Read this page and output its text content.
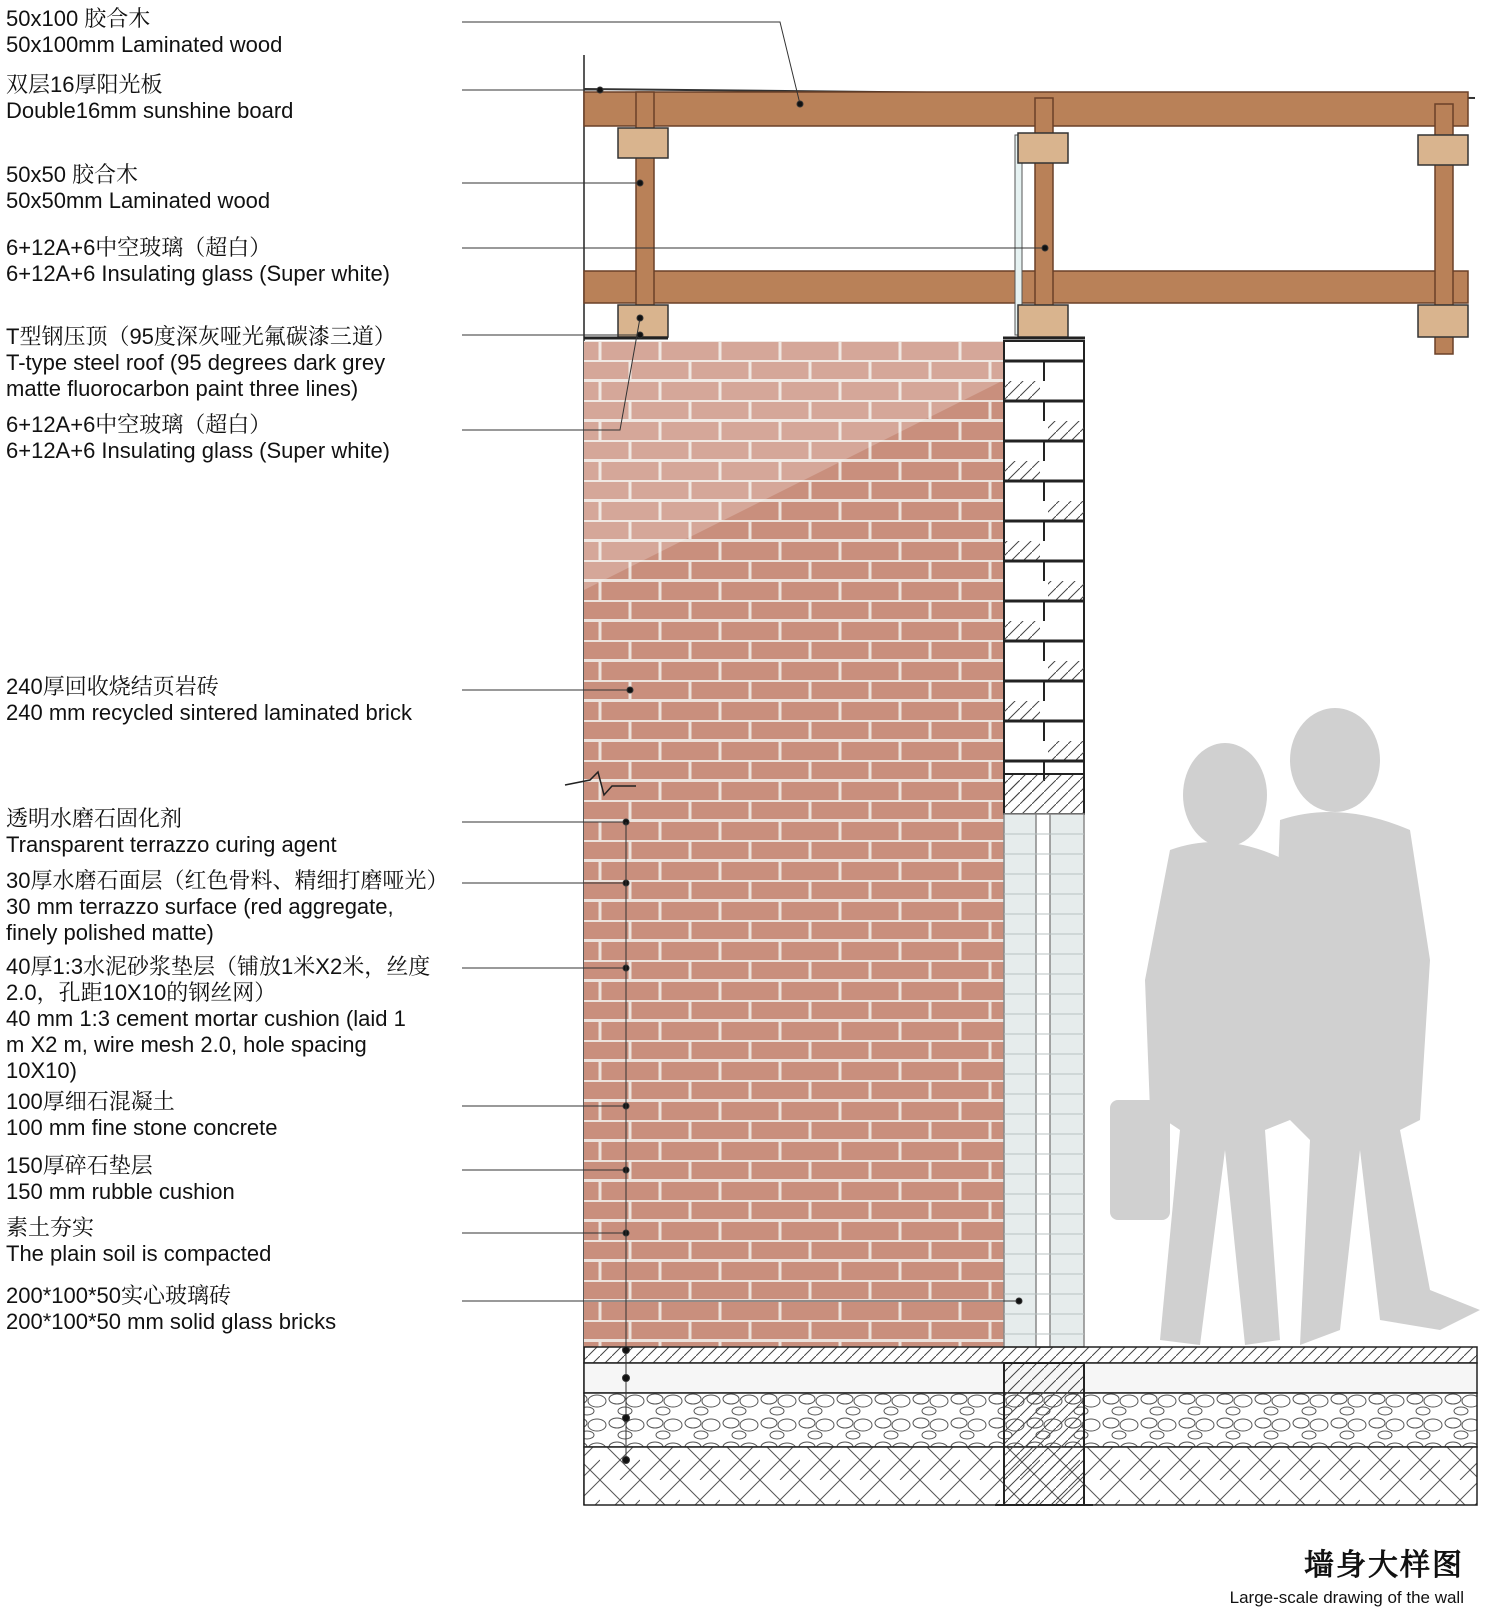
50x100 胶合木
50x100mm Laminated wood
双层16厚阳光板
Double16mm sunshine board
50x50 胶合木
50x50mm Laminated wood
6+12A+6中空玻璃（超白）
6+12A+6 Insulating glass (Super white)
T型钢压顶（95度深灰哑光氟碳漆三道）
T-type steel roof (95 degrees dark grey
matte fluorocarbon paint three lines)
6+12A+6中空玻璃（超白）
6+12A+6 Insulating glass (Super white)
240厚回收烧结页岩砖
240 mm recycled sintered laminated brick
透明水磨石固化剂
Transparent terrazzo curing agent
30厚水磨石面层（红色骨料、精细打磨哑光）
30 mm terrazzo surface (red aggregate,
finely polished matte)
40厚1:3水泥砂浆垫层（铺放1米X2米，丝度
2.0，孔距10X10的钢丝网）
40 mm 1:3 cement mortar cushion (laid 1
m X2 m, wire mesh 2.0, hole spacing
10X10)
100厚细石混凝土
100 mm fine stone concrete
150厚碎石垫层
150 mm rubble cushion
素土夯实
The plain soil is compacted
200*100*50实心玻璃砖
200*100*50 mm solid glass bricks
墙身大样图
Large-scale drawing of the wall
